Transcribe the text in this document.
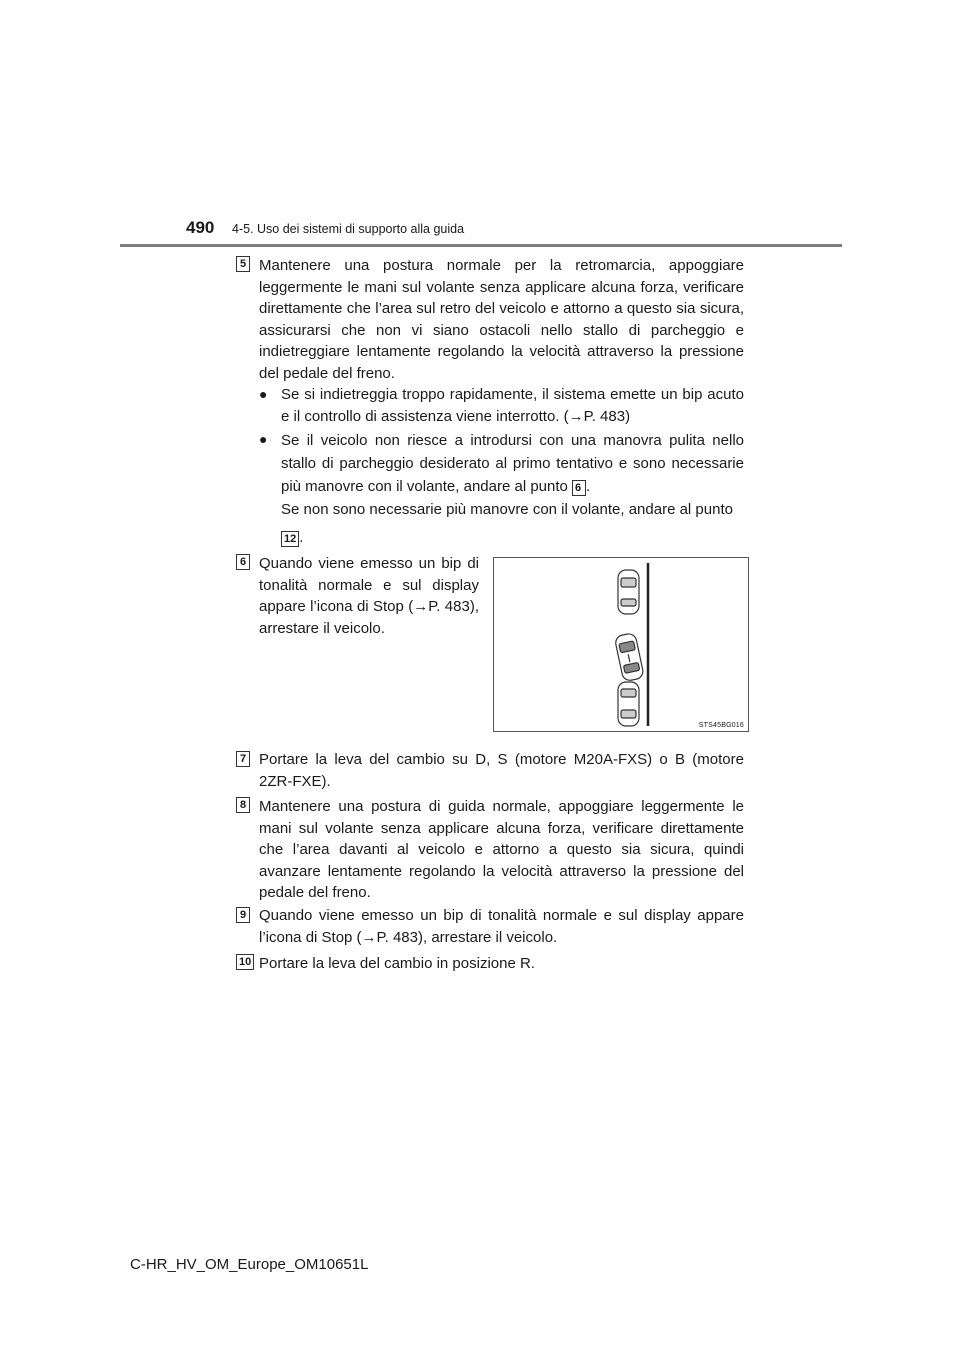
490 4-5. Uso dei sistemi di supporto alla guida
5 Mantenere una postura normale per la retromarcia, appoggiare leggermente le mani sul volante senza applicare alcuna forza, verificare direttamente che l’area sul retro del veicolo e attorno a questo sia sicura, assicurarsi che non vi siano ostacoli nello stallo di parcheggio e indietreggiare lentamente regolando la velocità attraverso la pressione del pedale del freno.

● Se si indietreggia troppo rapidamente, il sistema emette un bip acuto e il controllo di assistenza viene interrotto. (→P. 483)

● Se il veicolo non riesce a introdursi con una manovra pulita nello stallo di parcheggio desiderato al primo tentativo e sono necessarie più manovre con il volante, andare al punto 6 .

Se non sono necessarie più manovre con il volante, andare al punto

12 .

6 Quando viene emesso un bip di tonalità normale e sul display appare l’icona di Stop (→P. 483), arrestare il veicolo.

STS45BG016
7 Portare la leva del cambio su D, S (motore M20A-FXS) o B (motore 2ZR-FXE).

8 Mantenere una postura di guida normale, appoggiare leggermente le mani sul volante senza applicare alcuna forza, verificare direttamente che l’area davanti al veicolo e attorno a questo sia sicura, quindi avanzare lentamente regolando la velocità attraverso la pressione del pedale del freno.

9 Quando viene emesso un bip di tonalità normale e sul display appare l’icona di Stop (→P. 483), arrestare il veicolo.

10 Portare la leva del cambio in posizione R.

C-HR_HV_OM_Europe_OM10651L
